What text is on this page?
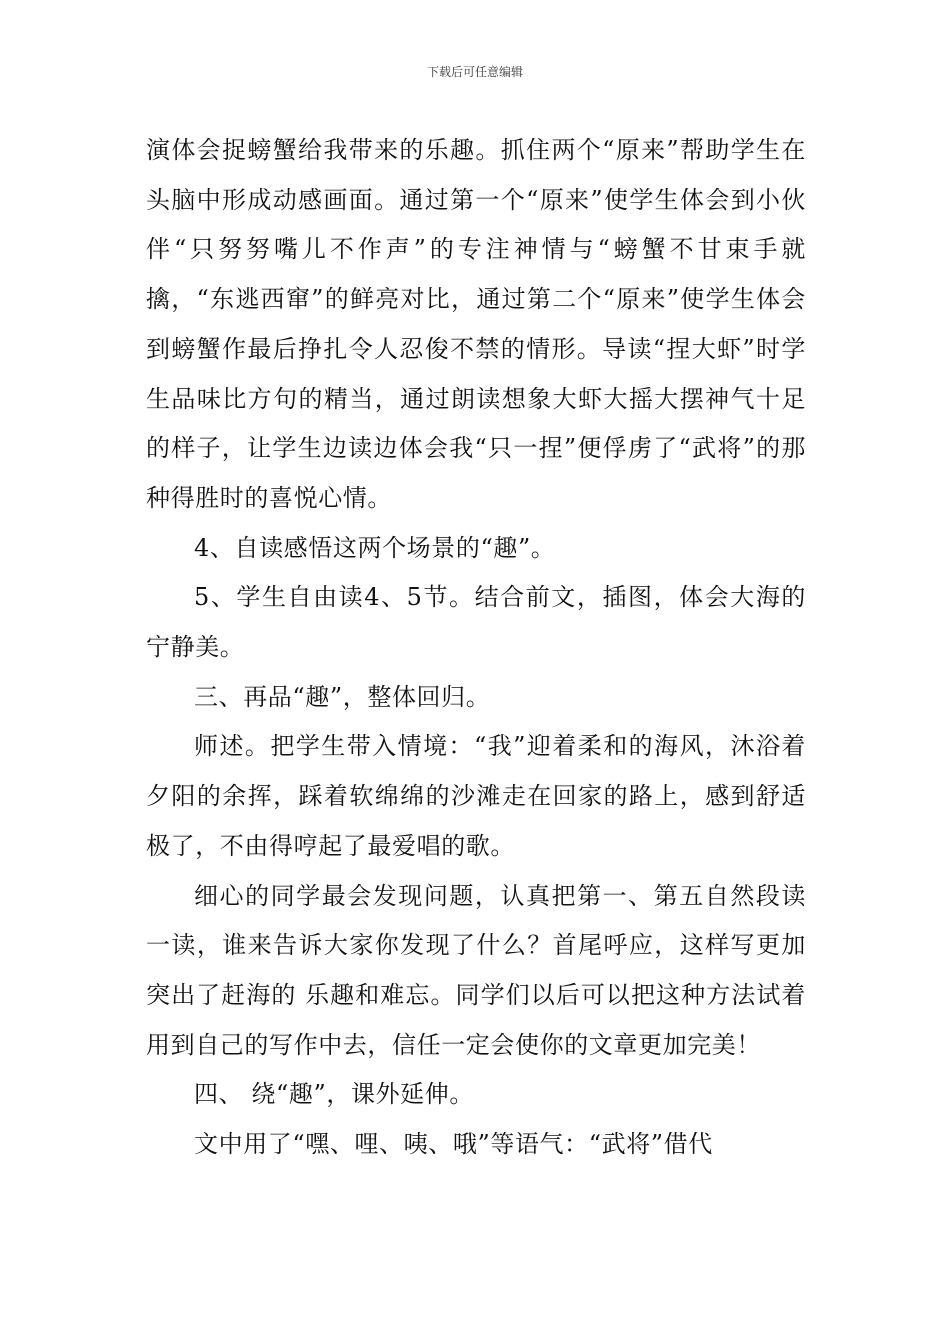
下载后可任意编辑

演体会捉螃蟹给我带来的乐趣。抓住两个“原来”帮助学生在头脑中形成动感画面。通过第一个“原来”使学生体会到小伙伴“只努努嘴儿不作声”的专注神情与“螃蟹不甘束手就擒，“东逃西窜”的鲜亮对比，通过第二个“原来”使学生体会到螃蟹作最后挣扎令人忍俊不禁的情形。导读“捏大虾”时学生品味比方句的精当，通过朗读想象大虾大摇大摆神气十足的样子，让学生边读边体会我“只一捏”便俘虏了“武将”的那种得胜时的喜悦心情。

4、自读感悟这两个场景的“趣”。

5、学生自由读4、5节。结合前文，插图，体会大海的宁静美。

三、再品“趣”，整体回归。

师述。把学生带入情境：“我”迎着柔和的海风，沐浴着夕阳的余挥，踩着软绵绵的沙滩走在回家的路上，感到舒适极了，不由得哼起了最爱唱的歌。

细心的同学最会发现问题，认真把第一、第五自然段读一读，谁来告诉大家你发现了什么？首尾呼应，这样写更加突出了赶海的 乐趣和难忘。同学们以后可以把这种方法试着用到自己的写作中去，信任一定会使你的文章更加完美！

四、 绕“趣”，课外延伸。

文中用了“嘿、哩、咦、哦”等语气：“武将”借代
